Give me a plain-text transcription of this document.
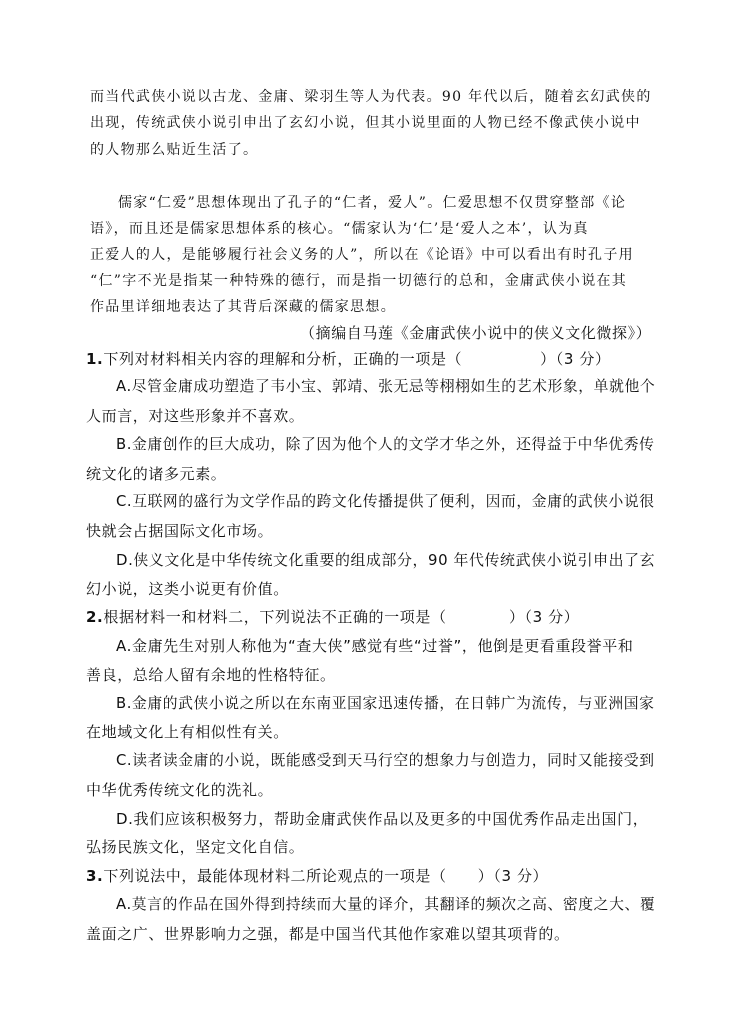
而当代武侠小说以古龙、金庸、梁羽生等人为代表。90 年代以后，随着玄幻武侠的
出现，传统武侠小说引申出了玄幻小说，但其小说里面的人物已经不像武侠小说中
的人物那么贴近生活了。
儒家“仁爱”思想体现出了孔子的“仁者，爱人”。仁爱思想不仅贯穿整部《论
语》，而且还是儒家思想体系的核心。“儒家认为‘仁’是‘爱人之本’，认为真
正爱人的人，是能够履行社会义务的人”，所以在《论语》中可以看出有时孔子用
“仁”字不光是指某一种特殊的德行，而是指一切德行的总和，金庸武侠小说在其
作品里详细地表达了其背后深藏的儒家思想。
（摘编自马莲《金庸武侠小说中的侠义文化微探》）
1.下列对材料相关内容的理解和分析，正确的一项是（　　　　　）（3 分）
A.尽管金庸成功塑造了韦小宝、郭靖、张无忌等栩栩如生的艺术形象，单就他个
人而言，对这些形象并不喜欢。
B.金庸创作的巨大成功，除了因为他个人的文学才华之外，还得益于中华优秀传
统文化的诸多元素。
C.互联网的盛行为文学作品的跨文化传播提供了便利，因而，金庸的武侠小说很
快就会占据国际文化市场。
D.侠义文化是中华传统文化重要的组成部分，90 年代传统武侠小说引申出了玄
幻小说，这类小说更有价值。
2.根据材料一和材料二，下列说法不正确的一项是（　　　　）（3 分）
A.金庸先生对别人称他为“查大侠”感觉有些“过誉”，他倒是更看重段誉平和
善良，总给人留有余地的性格特征。
B.金庸的武侠小说之所以在东南亚国家迅速传播，在日韩广为流传，与亚洲国家
在地域文化上有相似性有关。
C.读者读金庸的小说，既能感受到天马行空的想象力与创造力，同时又能接受到
中华优秀传统文化的洗礼。
D.我们应该积极努力，帮助金庸武侠作品以及更多的中国优秀作品走出国门，
弘扬民族文化，坚定文化自信。
3.下列说法中，最能体现材料二所论观点的一项是（　　）（3 分）
A.莫言的作品在国外得到持续而大量的译介，其翻译的频次之高、密度之大、覆
盖面之广、世界影响力之强，都是中国当代其他作家难以望其项背的。
